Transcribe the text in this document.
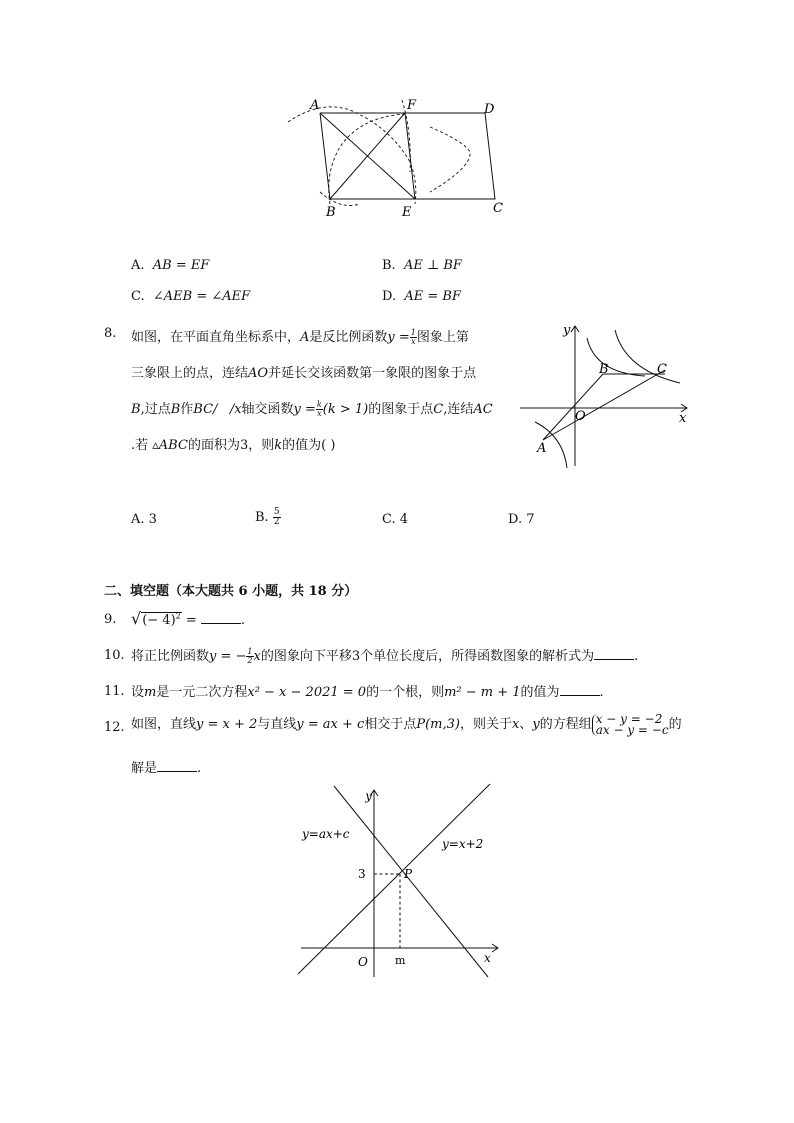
A	F	D
B	E	C
A. AB = EF	B. AE ⊥ BF
C. ∠AEB = ∠AEF	D. AE = BF
8. 如图，在平面直角坐标系中，A是反比例函数$y = \frac{1}{x}$ 图象上第
三象限上的点，连结AO并延长交该函数第一象限的图象于点
B,过点B作BC/ /x轴交函数$y = \frac{k}{x} (k > 1)$的图象于点C,连结AC
.若 ▵ABC的面积为3，则k的值为( )
y
x
B	C
O
A
A. 3	B. $\frac{5}{2}$	C. 4	D. 7
二、填空题（本大题共 6 小题，共 18 分）
9. √(− 4)$^2$ =	.
10. 将正比例函数y = − $\frac{1}{2}$ x的图象向下平移3个单位长度后，所得函数图象的解析式为	.
11. 设m是一元二次方程x² − x − 2021 = 0的一个根，则m² − m + 1的值为	.
12. 如图，直线y = x + 2与直线y = ax + c相交于点P(m,3)，则关于x、y的方程组 x − y = −2
ax − y = −c 的
解是	.
y
x
O m
3	P
y=ax+c
y=x+2
